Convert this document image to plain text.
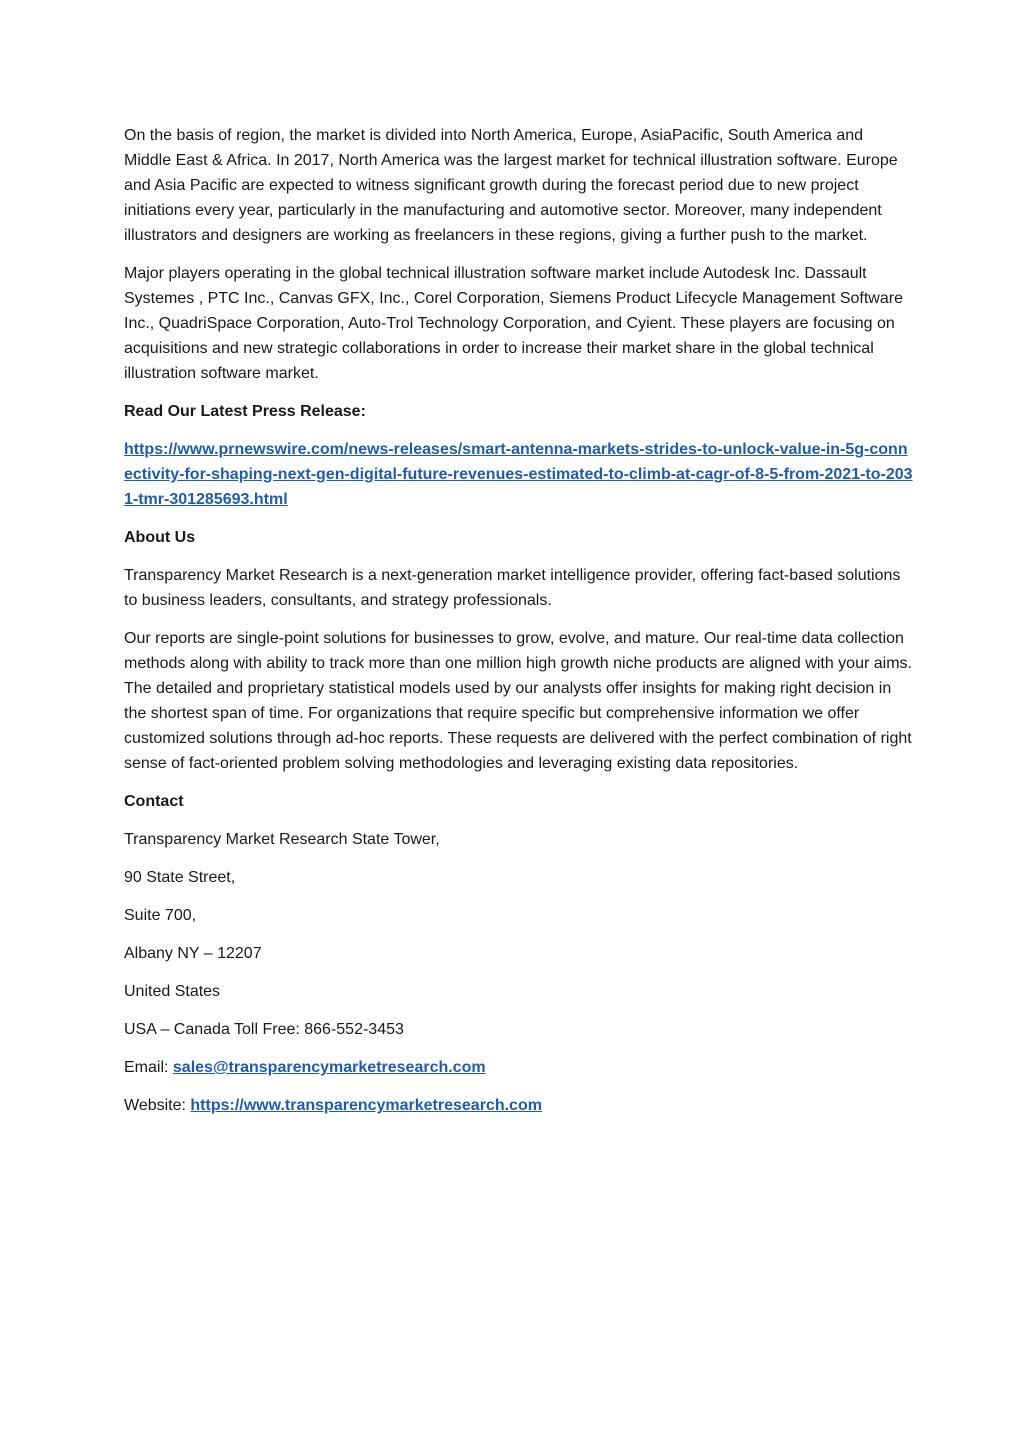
On the basis of region, the market is divided into North America, Europe, AsiaPacific, South America and Middle East & Africa. In 2017, North America was the largest market for technical illustration software. Europe and Asia Pacific are expected to witness significant growth during the forecast period due to new project initiations every year, particularly in the manufacturing and automotive sector. Moreover, many independent illustrators and designers are working as freelancers in these regions, giving a further push to the market.

Major players operating in the global technical illustration software market include Autodesk Inc. Dassault Systemes , PTC Inc., Canvas GFX, Inc., Corel Corporation, Siemens Product Lifecycle Management Software Inc., QuadriSpace Corporation, Auto-Trol Technology Corporation, and Cyient. These players are focusing on acquisitions and new strategic collaborations in order to increase their market share in the global technical illustration software market.

Read Our Latest Press Release:

https://www.prnewswire.com/news-releases/smart-antenna-markets-strides-to-unlock-value-in-5g-connectivity-for-shaping-next-gen-digital-future-revenues-estimated-to-climb-at-cagr-of-8-5-from-2021-to-2031-tmr-301285693.html

About Us

Transparency Market Research is a next-generation market intelligence provider, offering fact-based solutions to business leaders, consultants, and strategy professionals.

Our reports are single-point solutions for businesses to grow, evolve, and mature. Our real-time data collection methods along with ability to track more than one million high growth niche products are aligned with your aims. The detailed and proprietary statistical models used by our analysts offer insights for making right decision in the shortest span of time. For organizations that require specific but comprehensive information we offer customized solutions through ad-hoc reports. These requests are delivered with the perfect combination of right sense of fact-oriented problem solving methodologies and leveraging existing data repositories.

Contact

Transparency Market Research State Tower,

90 State Street,

Suite 700,

Albany NY – 12207

United States

USA – Canada Toll Free: 866-552-3453

Email: sales@transparencymarketresearch.com

Website: https://www.transparencymarketresearch.com
